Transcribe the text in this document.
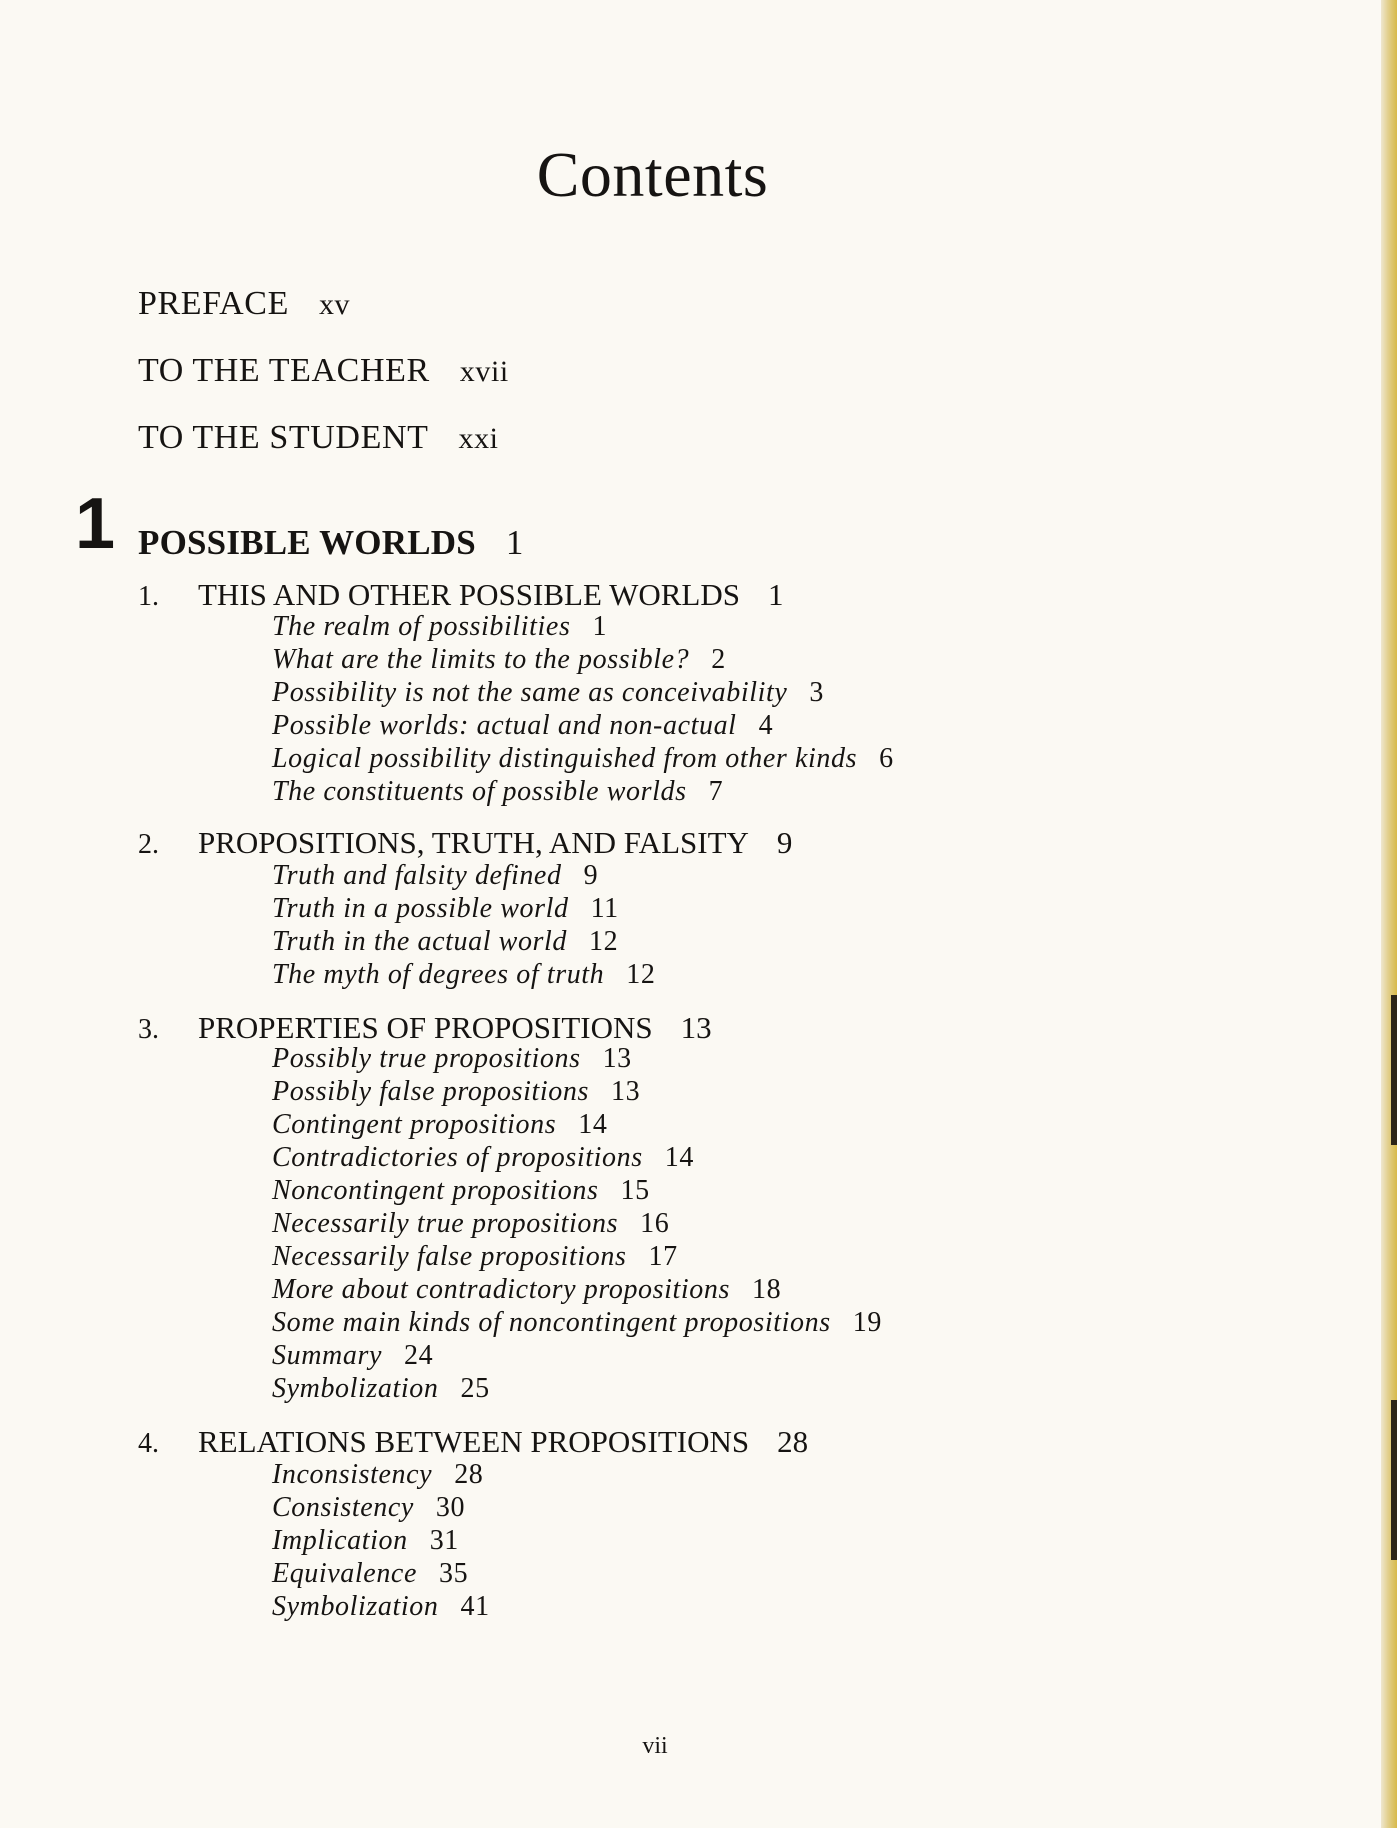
Contents
PREFACE xv
TO THE TEACHER xvii
TO THE STUDENT xxi
1 POSSIBLE WORLDS 1
1. THIS AND OTHER POSSIBLE WORLDS 1
The realm of possibilities 1
What are the limits to the possible? 2
Possibility is not the same as conceivability 3
Possible worlds: actual and non-actual 4
Logical possibility distinguished from other kinds 6
The constituents of possible worlds 7
2. PROPOSITIONS, TRUTH, AND FALSITY 9
Truth and falsity defined 9
Truth in a possible world 11
Truth in the actual world 12
The myth of degrees of truth 12
3. PROPERTIES OF PROPOSITIONS 13
Possibly true propositions 13
Possibly false propositions 13
Contingent propositions 14
Contradictories of propositions 14
Noncontingent propositions 15
Necessarily true propositions 16
Necessarily false propositions 17
More about contradictory propositions 18
Some main kinds of noncontingent propositions 19
Summary 24
Symbolization 25
4. RELATIONS BETWEEN PROPOSITIONS 28
Inconsistency 28
Consistency 30
Implication 31
Equivalence 35
Symbolization 41
vii
